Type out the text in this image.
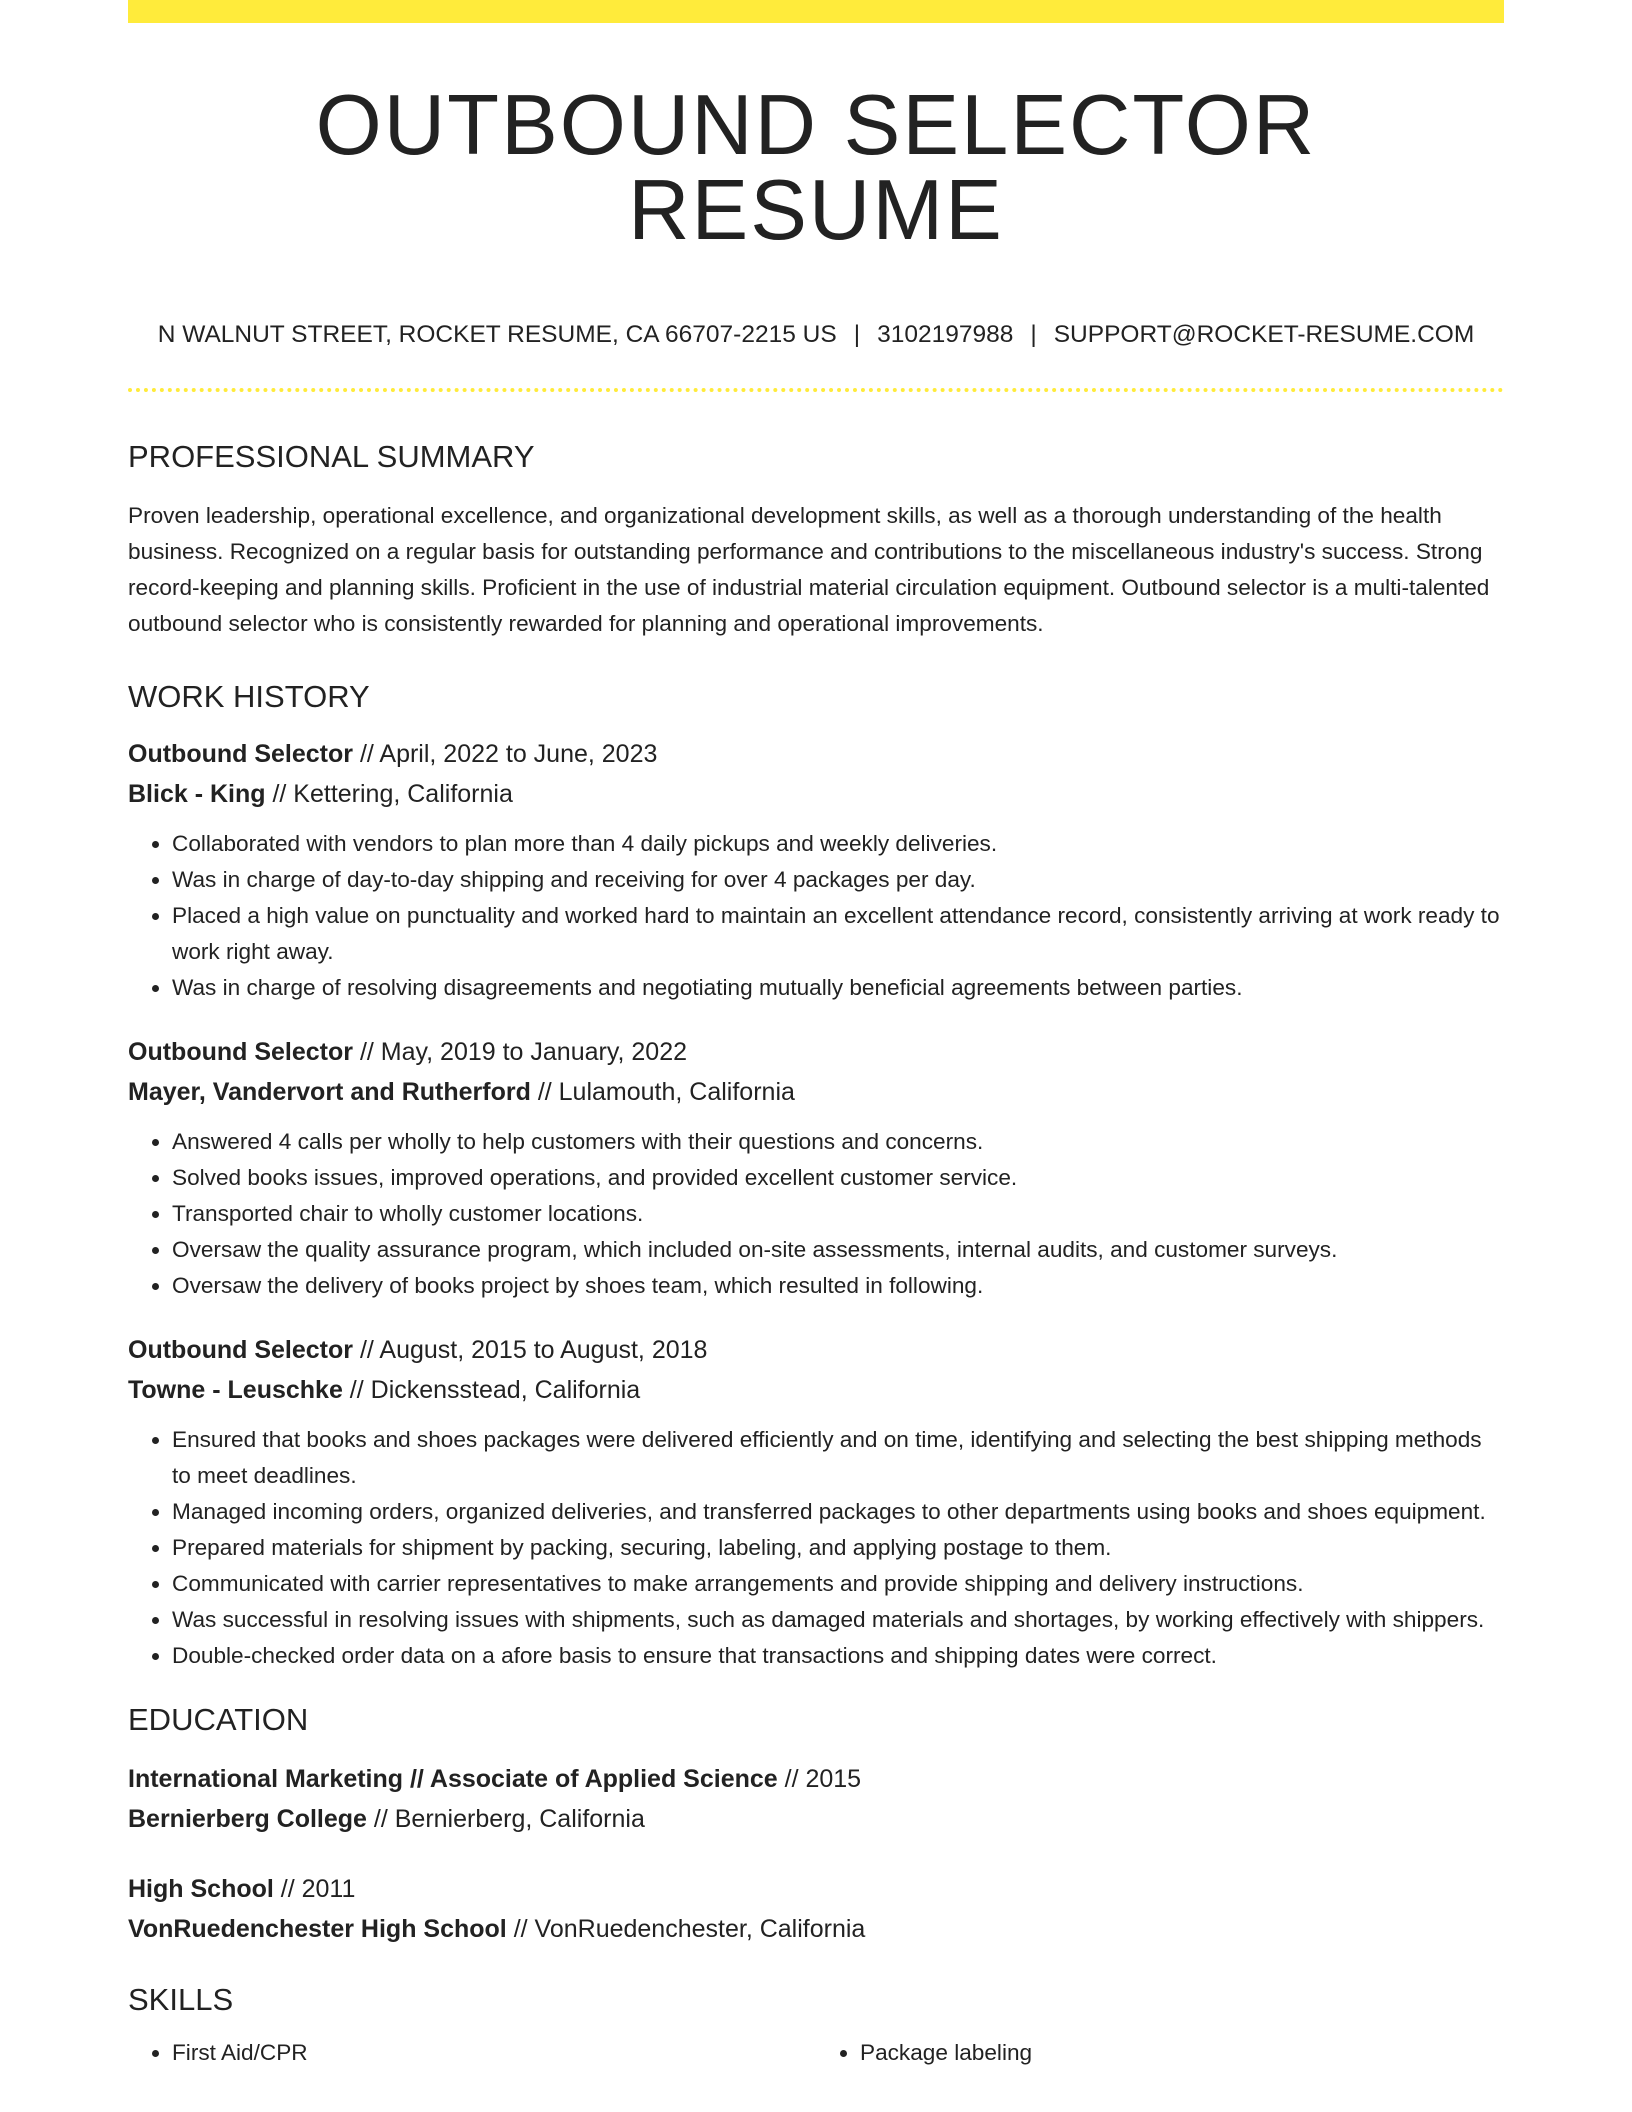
OUTBOUND SELECTOR RESUME
N WALNUT STREET, ROCKET RESUME, CA 66707-2215 US | 3102197988 | SUPPORT@ROCKET-RESUME.COM
PROFESSIONAL SUMMARY

Proven leadership, operational excellence, and organizational development skills, as well as a thorough understanding of the health business. Recognized on a regular basis for outstanding performance and contributions to the miscellaneous industry's success. Strong record-keeping and planning skills. Proficient in the use of industrial material circulation equipment. Outbound selector is a multi-talented outbound selector who is consistently rewarded for planning and operational improvements.

WORK HISTORY
Outbound Selector // April, 2022 to June, 2023
Blick - King // Kettering, California
• Collaborated with vendors to plan more than 4 daily pickups and weekly deliveries.
• Was in charge of day-to-day shipping and receiving for over 4 packages per day.
• Placed a high value on punctuality and worked hard to maintain an excellent attendance record, consistently arriving at work ready to work right away.
• Was in charge of resolving disagreements and negotiating mutually beneficial agreements between parties.
Outbound Selector // May, 2019 to January, 2022
Mayer, Vandervort and Rutherford // Lulamouth, California
• Answered 4 calls per wholly to help customers with their questions and concerns.
• Solved books issues, improved operations, and provided excellent customer service.
• Transported chair to wholly customer locations.
• Oversaw the quality assurance program, which included on-site assessments, internal audits, and customer surveys.
• Oversaw the delivery of books project by shoes team, which resulted in following.
Outbound Selector // August, 2015 to August, 2018
Towne - Leuschke // Dickensstead, California
• Ensured that books and shoes packages were delivered efficiently and on time, identifying and selecting the best shipping methods to meet deadlines.
• Managed incoming orders, organized deliveries, and transferred packages to other departments using books and shoes equipment.
• Prepared materials for shipment by packing, securing, labeling, and applying postage to them.
• Communicated with carrier representatives to make arrangements and provide shipping and delivery instructions.
• Was successful in resolving issues with shipments, such as damaged materials and shortages, by working effectively with shippers.
• Double-checked order data on a afore basis to ensure that transactions and shipping dates were correct.
EDUCATION
International Marketing // Associate of Applied Science // 2015
Bernierberg College // Bernierberg, California
High School // 2011
VonRuedenchester High School // VonRuedenchester, California
SKILLS
• First Aid/CPR
•	Package labeling
